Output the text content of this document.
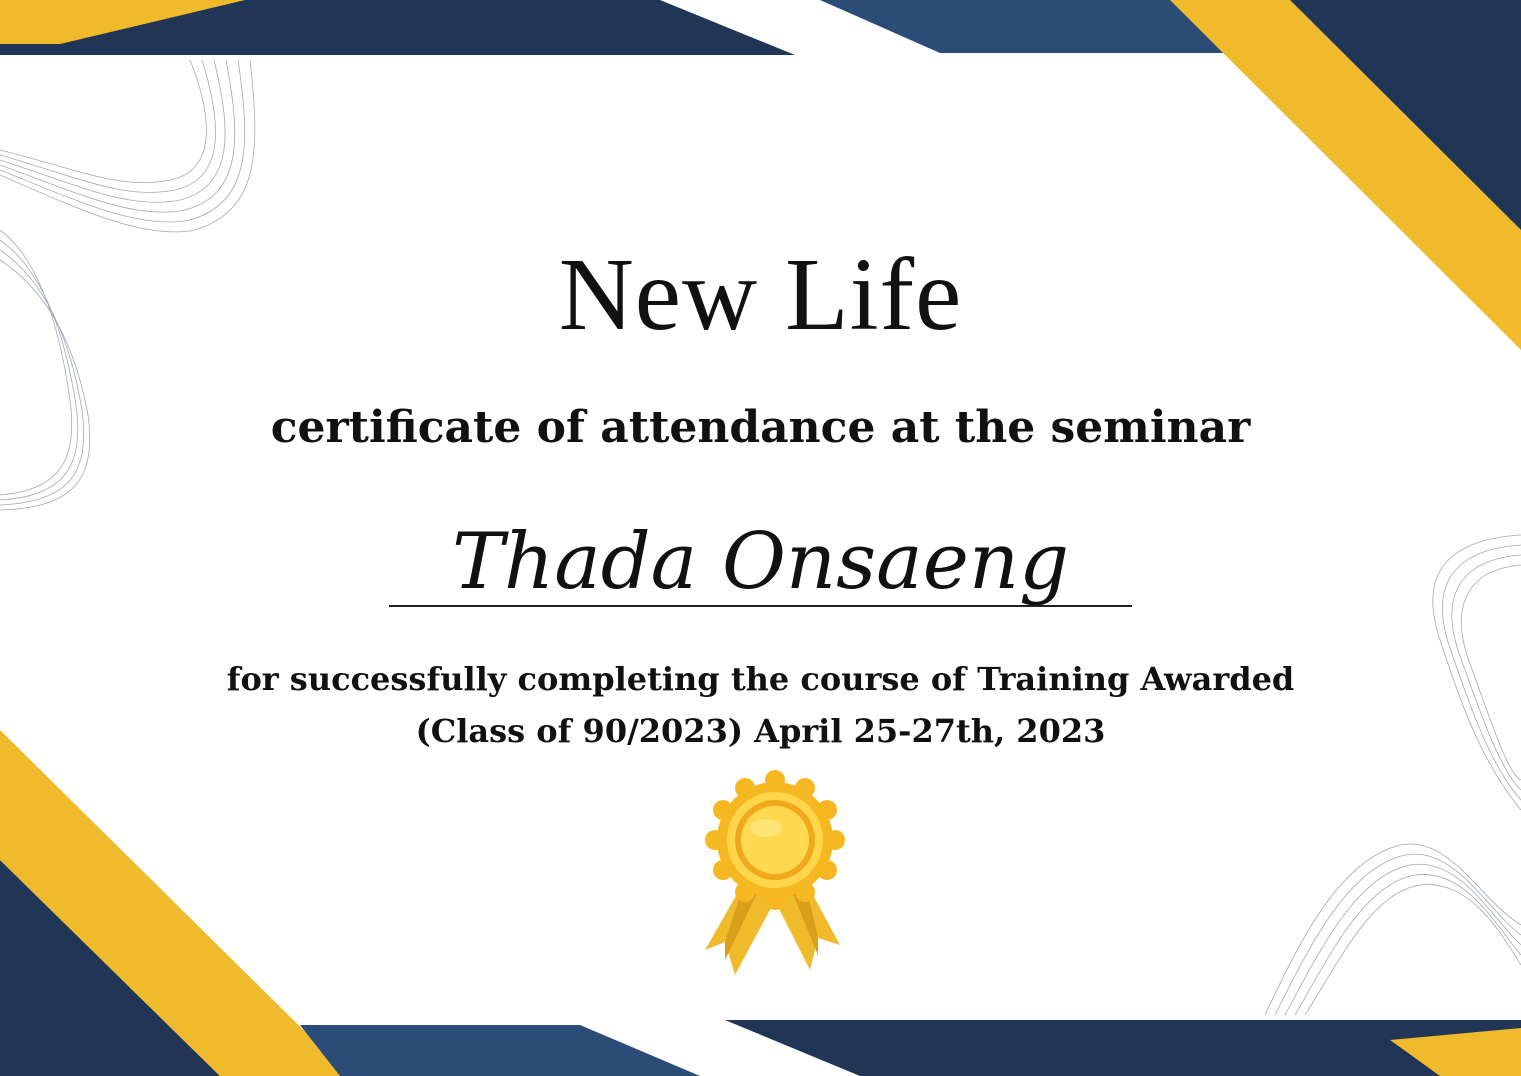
New Life
certificate of attendance at the seminar
Thada Onsaeng
for successfully completing the course of Training Awarded
(Class of 90/2023) April 25-27th, 2023
